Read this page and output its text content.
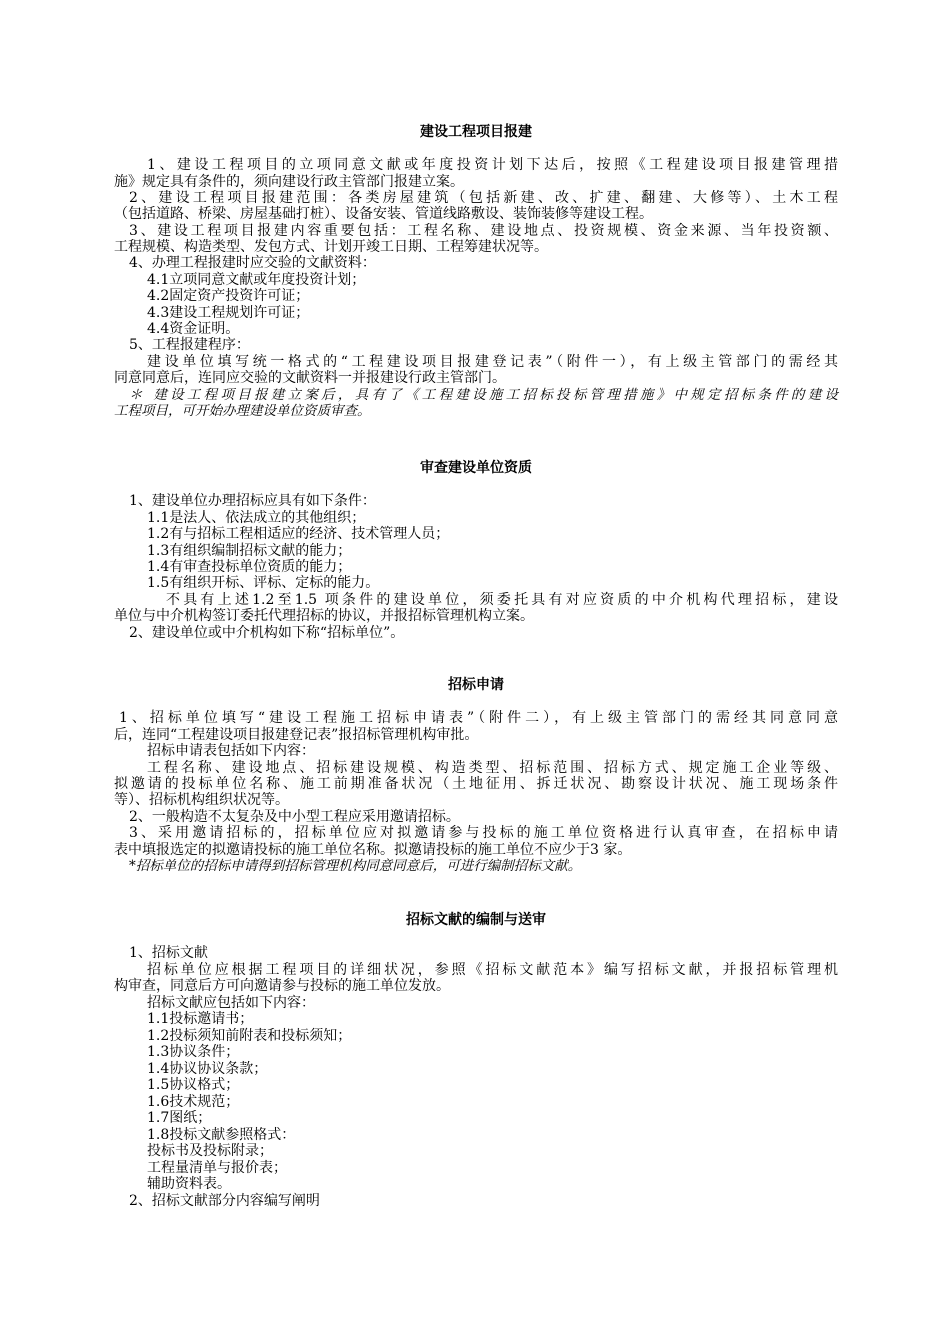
建设工程项目报建
1、建设工程项目的立项同意文献或年度投资计划下达后，按照《工程建设项目报建管理措
施》规定具有条件的，须向建设行政主管部门报建立案。
2、建设工程项目报建范围：各类房屋建筑（包括新建、改、扩建、翻建、大修等）、土木工程
（包括道路、桥梁、房屋基础打桩）、设备安装、管道线路敷设、装饰装修等建设工程。
3、建设工程项目报建内容重要包括：工程名称、建设地点、投资规模、资金来源、当年投资额、
工程规模、构造类型、发包方式、计划开竣工日期、工程筹建状况等。
4、办理工程报建时应交验的文献资料：
4.1立项同意文献或年度投资计划；
4.2固定资产投资许可证；
4.3建设工程规划许可证；
4.4资金证明。
5、工程报建程序：
建设单位填写统一格式的“工程建设项目报建登记表”（附件一），有上级主管部门的需经其
同意同意后，连同应交验的文献资料一并报建设行政主管部门。
＊ 建设工程项目报建立案后，具有了《工程建设施工招标投标管理措施》中规定招标条件的建设
工程项目，可开始办理建设单位资质审查。
审查建设单位资质
1、建设单位办理招标应具有如下条件：
1.1是法人、依法成立的其他组织；
1.2有与招标工程相适应的经济、技术管理人员；
1.3有组织编制招标文献的能力；
1.4有审查投标单位资质的能力；
1.5有组织开标、评标、定标的能力。
不具有上述1.2至1.5 项条件的建设单位，须委托具有对应资质的中介机构代理招标，建设
单位与中介机构签订委托代理招标的协议，并报招标管理机构立案。
2、建设单位或中介机构如下称“招标单位”。
招标申请
1、招标单位填写“建设工程施工招标申请表”（附件二），有上级主管部门的需经其同意同意
后，连同“工程建设项目报建登记表”报招标管理机构审批。
招标申请表包括如下内容：
工程名称、建设地点、招标建设规模、构造类型、招标范围、招标方式、规定施工企业等级、
拟邀请的投标单位名称、施工前期准备状况（土地征用、拆迁状况、勘察设计状况、施工现场条件
等）、招标机构组织状况等。
2、一般构造不太复杂及中小型工程应采用邀请招标。
3、采用邀请招标的，招标单位应对拟邀请参与投标的施工单位资格进行认真审查，在招标申请
表中填报选定的拟邀请投标的施工单位名称。拟邀请投标的施工单位不应少于3 家。
*招标单位的招标申请得到招标管理机构同意同意后，可进行编制招标文献。
招标文献的编制与送审
1、招标文献
招标单位应根据工程项目的详细状况，参照《招标文献范本》编写招标文献，并报招标管理机
构审查，同意后方可向邀请参与投标的施工单位发放。
招标文献应包括如下内容：
1.1投标邀请书；
1.2投标须知前附表和投标须知；
1.3协议条件；
1.4协议协议条款；
1.5协议格式；
1.6技术规范；
1.7图纸；
1.8投标文献参照格式：
投标书及投标附录；
工程量清单与报价表；
辅助资料表。
2、招标文献部分内容编写阐明
